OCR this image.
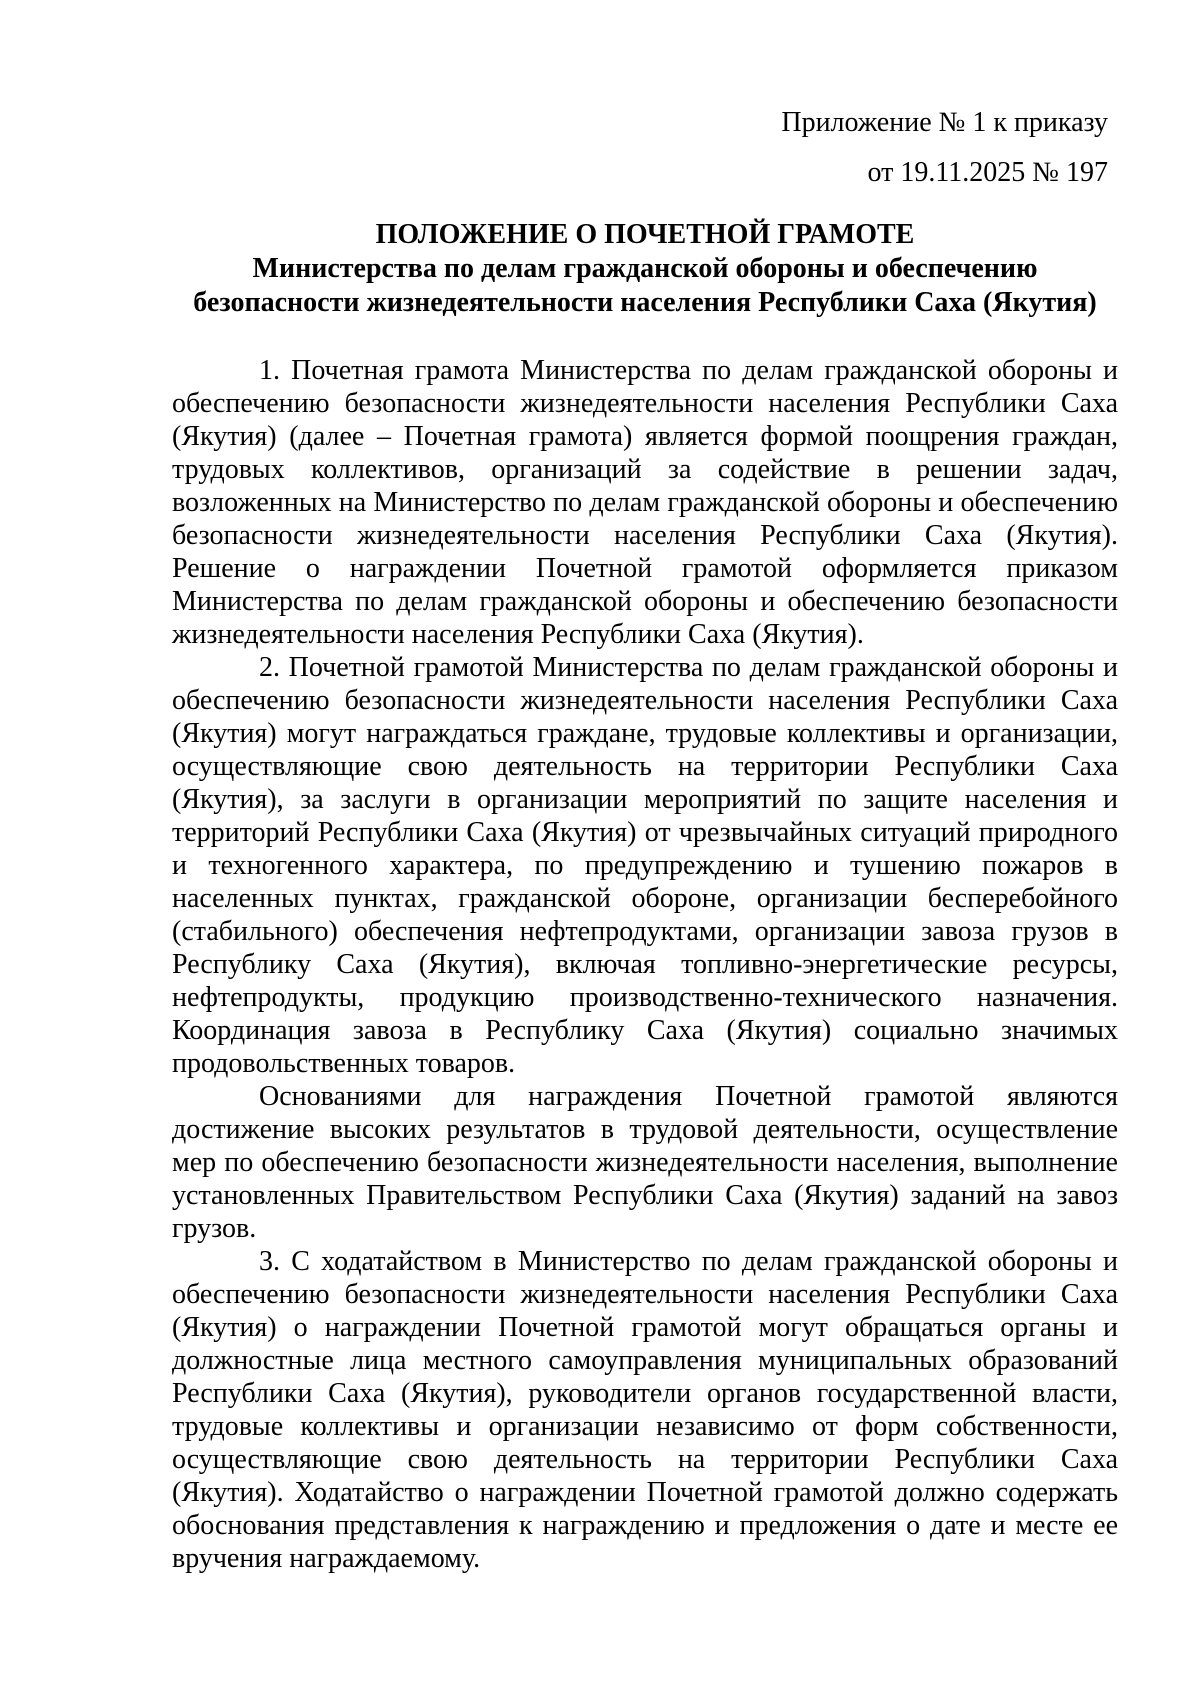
Приложение № 1 к приказу
от 19.11.2025 № 197
ПОЛОЖЕНИЕ О ПОЧЕТНОЙ ГРАМОТЕ
Министерства по делам гражданской обороны и обеспечению
безопасности жизнедеятельности населения Республики Саха (Якутия)

1. Почетная грамота Министерства по делам гражданской обороны и обеспечению безопасности жизнедеятельности населения Республики Саха (Якутия) (далее – Почетная грамота) является формой поощрения граждан, трудовых коллективов, организаций за содействие в решении задач, возложенных на Министерство по делам гражданской обороны и обеспечению безопасности жизнедеятельности населения Республики Саха (Якутия). Решение о награждении Почетной грамотой оформляется приказом Министерства по делам гражданской обороны и обеспечению безопасности жизнедеятельности населения Республики Саха (Якутия).

2. Почетной грамотой Министерства по делам гражданской обороны и обеспечению безопасности жизнедеятельности населения Республики Саха (Якутия) могут награждаться граждане, трудовые коллективы и организации, осуществляющие свою деятельность на территории Республики Саха (Якутия), за заслуги в организации мероприятий по защите населения и территорий Республики Саха (Якутия) от чрезвычайных ситуаций природного и техногенного характера, по предупреждению и тушению пожаров в населенных пунктах, гражданской обороне, организации бесперебойного (стабильного) обеспечения нефтепродуктами, организации завоза грузов в Республику Саха (Якутия), включая топливно-энергетические ресурсы, нефтепродукты, продукцию производственно-технического назначения. Координация завоза в Республику Саха (Якутия) социально значимых продовольственных товаров.

Основаниями для награждения Почетной грамотой являются достижение высоких результатов в трудовой деятельности, осуществление мер по обеспечению безопасности жизнедеятельности населения, выполнение установленных Правительством Республики Саха (Якутия) заданий на завоз грузов.

3. С ходатайством в Министерство по делам гражданской обороны и обеспечению безопасности жизнедеятельности населения Республики Саха (Якутия) о награждении Почетной грамотой могут обращаться органы и должностные лица местного самоуправления муниципальных образований Республики Саха (Якутия), руководители органов государственной власти, трудовые коллективы и организации независимо от форм собственности, осуществляющие свою деятельность на территории Республики Саха (Якутия). Ходатайство о награждении Почетной грамотой должно содержать обоснования представления к награждению и предложения о дате и месте ее вручения награждаемому.
